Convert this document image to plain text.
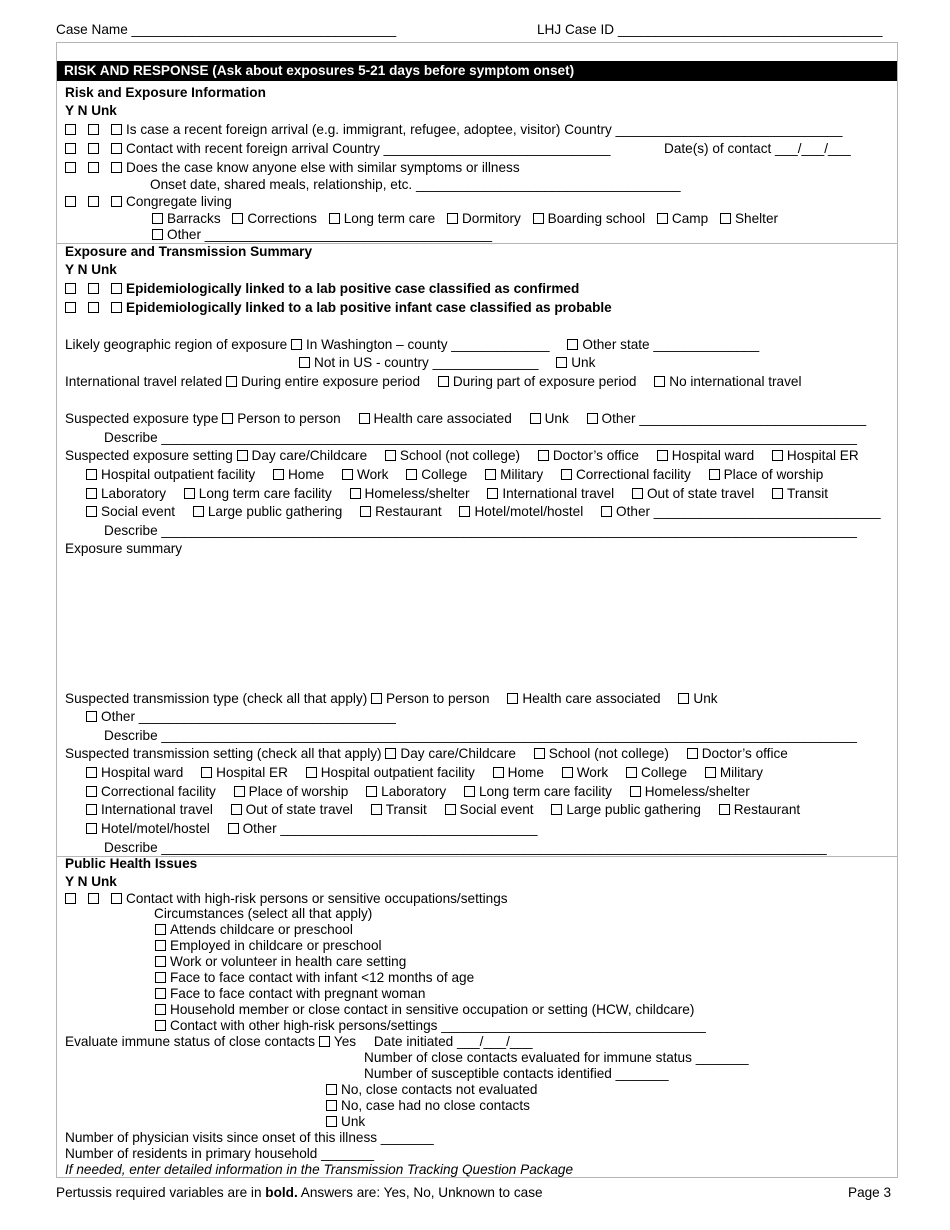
Case Name ___________________________________	LHJ Case ID ___________________________________
RISK AND RESPONSE (Ask about exposures 5-21 days before symptom onset)
Risk and Exposure Information
Y N Unk
Is case a recent foreign arrival (e.g. immigrant, refugee, adoptee, visitor) Country ______________________________
Contact with recent foreign arrival Country ______________________________	Date(s) of contact ___/___/___
Does the case know anyone else with similar symptoms or illness
Onset date, shared meals, relationship, etc. ___________________________________
Congregate living
Barracks Corrections Long term care Dormitory Boarding school Camp Shelter
Other ______________________________________
Exposure and Transmission Summary
Y N Unk
Epidemiologically linked to a lab positive case classified as confirmed
Epidemiologically linked to a lab positive infant case classified as probable
Likely geographic region of exposure In Washington – county _____________ Other state ______________
Not in US - country ______________ Unk
International travel related During entire exposure period During part of exposure period No international travel
Suspected exposure type Person to person Health care associated Unk Other ______________________________
Describe ____________________________________________________________________________________________
Suspected exposure setting Day care/Childcare School (not college) Doctor’s office Hospital ward Hospital ER
Hospital outpatient facility Home Work College Military Correctional facility Place of worship
Laboratory Long term care facility Homeless/shelter International travel Out of state travel Transit
Social event Large public gathering Restaurant Hotel/motel/hostel Other ______________________________
Describe ____________________________________________________________________________________________
Exposure summary
Suspected transmission type (check all that apply) Person to person Health care associated Unk
Other __________________________________
Describe ____________________________________________________________________________________________
Suspected transmission setting (check all that apply) Day care/Childcare School (not college) Doctor’s office
Hospital ward Hospital ER Hospital outpatient facility Home Work College Military
Correctional facility Place of worship Laboratory Long term care facility Homeless/shelter
International travel Out of state travel Transit Social event Large public gathering Restaurant
Hotel/motel/hostel Other __________________________________
Describe ________________________________________________________________________________________
Public Health Issues
Y N Unk
Contact with high-risk persons or sensitive occupations/settings
Circumstances (select all that apply)
Attends childcare or preschool
Employed in childcare or preschool
Work or volunteer in health care setting
Face to face contact with infant <12 months of age
Face to face contact with pregnant woman
Household member or close contact in sensitive occupation or setting (HCW, childcare)
Contact with other high-risk persons/settings ___________________________________
Evaluate immune status of close contacts Yes Date initiated ___/___/___
Number of close contacts evaluated for immune status _______
Number of susceptible contacts identified _______
No, close contacts not evaluated
No, case had no close contacts
Unk
Number of physician visits since onset of this illness _______
Number of residents in primary household _______
If needed, enter detailed information in the Transmission Tracking Question Package
Pertussis required variables are in bold. Answers are: Yes, No, Unknown to case	Page 3
